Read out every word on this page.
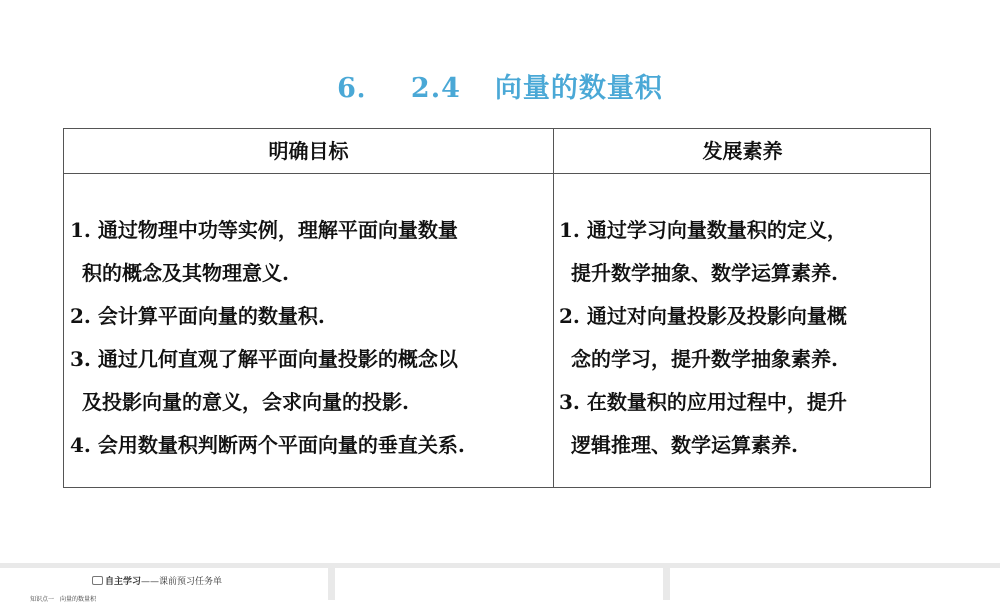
6． 2.4 向量的数量积
明确目标	发展素养
1. 通过物理中功等实例，理解平面向量数量
积的概念及其物理意义.
2. 会计算平面向量的数量积.
3. 通过几何直观了解平面向量投影的概念以
及投影向量的意义，会求向量的投影.
4. 会用数量积判断两个平面向量的垂直关系.
1. 通过学习向量数量积的定义，
提升数学抽象、数学运算素养.
2. 通过对向量投影及投影向量概
念的学习，提升数学抽象素养.
3. 在数量积的应用过程中，提升
逻辑推理、数学运算素养.
自主学习——课前预习任务单
知识点一　向量的数量积
